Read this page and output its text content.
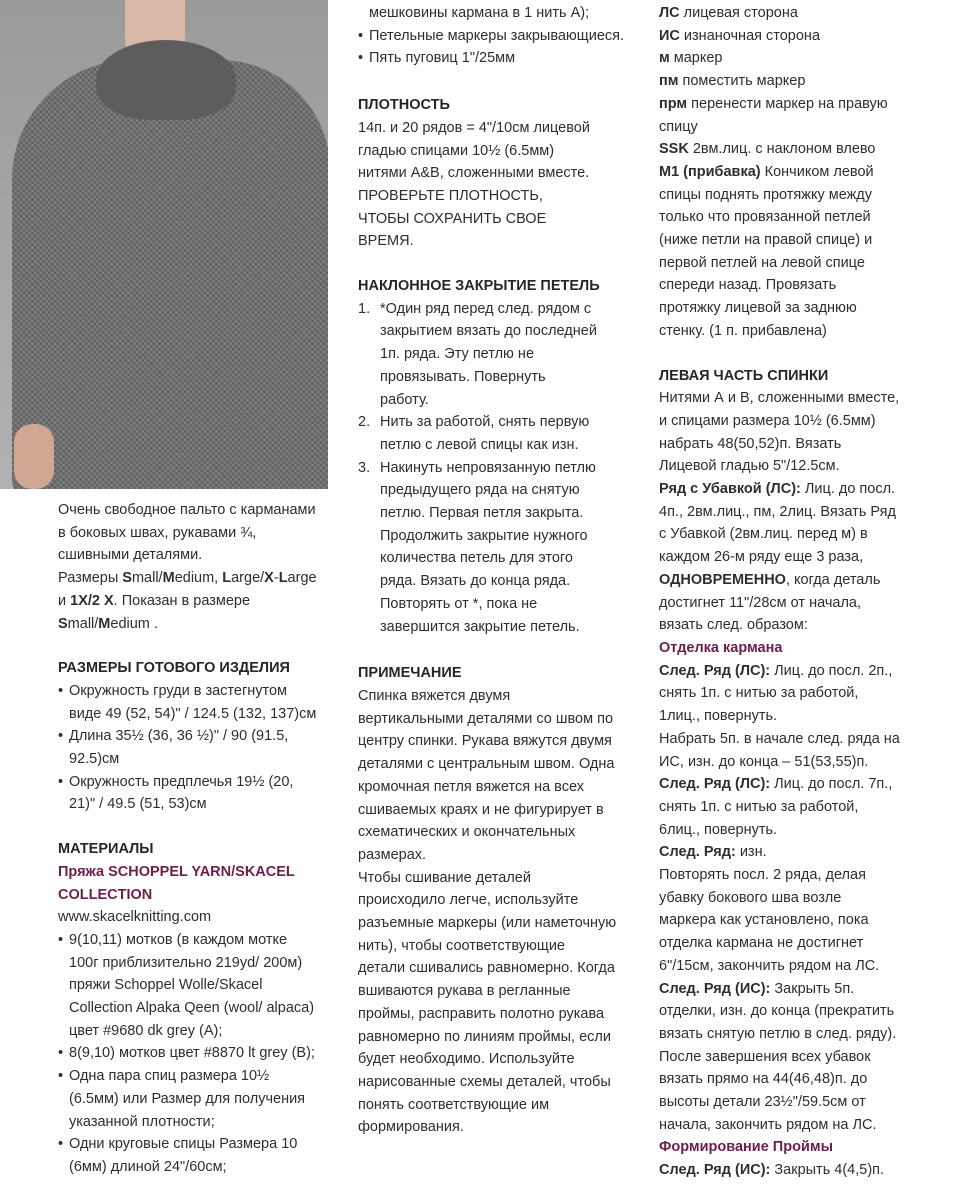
Очень свободное пальто с карманами

в боковых швах, рукавами ¾,

сшивными деталями.

Размеры Small/Medium, Large/X-Large

и 1X/2 X. Показан в размере

Small/Medium .

РАЗМЕРЫ ГОТОВОГО ИЗДЕЛИЯ

• Окружность груди в застегнутом
виде 49 (52, 54)" / 124.5 (132, 137)см
• Длина 35½ (36, 36 ½)" / 90 (91.5,
92.5)см
• Окружность предплечья 19½ (20,
21)" / 49.5 (51, 53)см

МАТЕРИАЛЫ

Пряжа SCHOPPEL YARN/SKACEL

COLLECTION

www.skacelknitting.com

• 9(10,11) мотков (в каждом мотке
100г приблизительно 219yd/ 200м)
пряжи Schoppel Wolle/Skacel
Collection Alpaka Qeen (wool/ alpaca)
цвет #9680 dk grey (A);
• 8(9,10) мотков цвет #8870 lt grey (B);
• Одна пара спиц размера 10½
(6.5мм) или Размер для получения
указанной плотности;
• Одни круговые спицы Размера 10
(6мм) длиной 24"/60см;

мешковины кармана в 1 нить А);

• Петельные маркеры закрывающиеся.
• Пять пуговиц 1"/25мм

ПЛОТНОСТЬ

14п. и 20 рядов = 4"/10см лицевой

гладью спицами 10½ (6.5мм)

нитями A&B, сложенными вместе.

ПРОВЕРЬТЕ ПЛОТНОСТЬ,

ЧТОБЫ СОХРАНИТЬ СВОЕ

ВРЕМЯ.

НАКЛОННОЕ ЗАКРЫТИЕ ПЕТЕЛЬ

1. *Один ряд перед след. рядом с
закрытием вязать до последней
1п. ряда. Эту петлю не
провязывать. Повернуть
работу.
2. Нить за работой, снять первую
петлю с левой спицы как изн.
3. Накинуть непровязанную петлю
предыдущего ряда на снятую
петлю. Первая петля закрыта.
Продолжить закрытие нужного
количества петель для этого
ряда. Вязать до конца ряда.
Повторять от *, пока не
завершится закрытие петель.

ПРИМЕЧАНИЕ

Спинка вяжется двумя

вертикальными деталями со швом по

центру спинки. Рукава вяжутся двумя

деталями с центральным швом. Одна

кромочная петля вяжется на всех

сшиваемых краях и не фигурирует в

схематических и окончательных

размерах.

Чтобы сшивание деталей

происходило легче, используйте

разъемные маркеры (или наметочную

нить), чтобы соответствующие

детали сшивались равномерно. Когда

вшиваются рукава в регланные

проймы, расправить полотно рукава

равномерно по линиям проймы, если

будет необходимо. Используйте

нарисованные схемы деталей, чтобы

понять соответствующие им

формирования.

ЛС лицевая сторона

ИС изнаночная сторона

м маркер

пм поместить маркер

прм перенести маркер на правую

спицу

SSK 2вм.лиц. с наклоном влево

M1 (прибавка) Кончиком левой

спицы поднять протяжку между

только что провязанной петлей

(ниже петли на правой спице) и

первой петлей на левой спице

спереди назад. Провязать

протяжку лицевой за заднюю

стенку. (1 п. прибавлена)

ЛЕВАЯ ЧАСТЬ СПИНКИ

Нитями А и В, сложенными вместе,

и спицами размера 10½ (6.5мм)

набрать 48(50,52)п. Вязать

Лицевой гладью 5"/12.5см.

Ряд с Убавкой (ЛС): Лиц. до посл.

4п., 2вм.лиц., пм, 2лиц. Вязать Ряд

с Убавкой (2вм.лиц. перед м) в

каждом 26-м ряду еще 3 раза,

ОДНОВРЕМЕННО, когда деталь

достигнет 11"/28см от начала,

вязать след. образом:

Отделка кармана

След. Ряд (ЛС): Лиц. до посл. 2п.,

снять 1п. с нитью за работой,

1лиц., повернуть.

Набрать 5п. в начале след. ряда на

ИС, изн. до конца – 51(53,55)п.

След. Ряд (ЛС): Лиц. до посл. 7п.,

снять 1п. с нитью за работой,

6лиц., повернуть.

След. Ряд: изн.

Повторять посл. 2 ряда, делая

убавку бокового шва возле

маркера как установлено, пока

отделка кармана не достигнет

6"/15см, закончить рядом на ЛС.

След. Ряд (ИС): Закрыть 5п.

отделки, изн. до конца (прекратить

вязать снятую петлю в след. ряду).

После завершения всех убавок

вязать прямо на 44(46,48)п. до

высоты детали 23½"/59.5см от

начала, закончить рядом на ЛС.

Формирование Проймы

След. Ряд (ИС): Закрыть 4(4,5)п.
